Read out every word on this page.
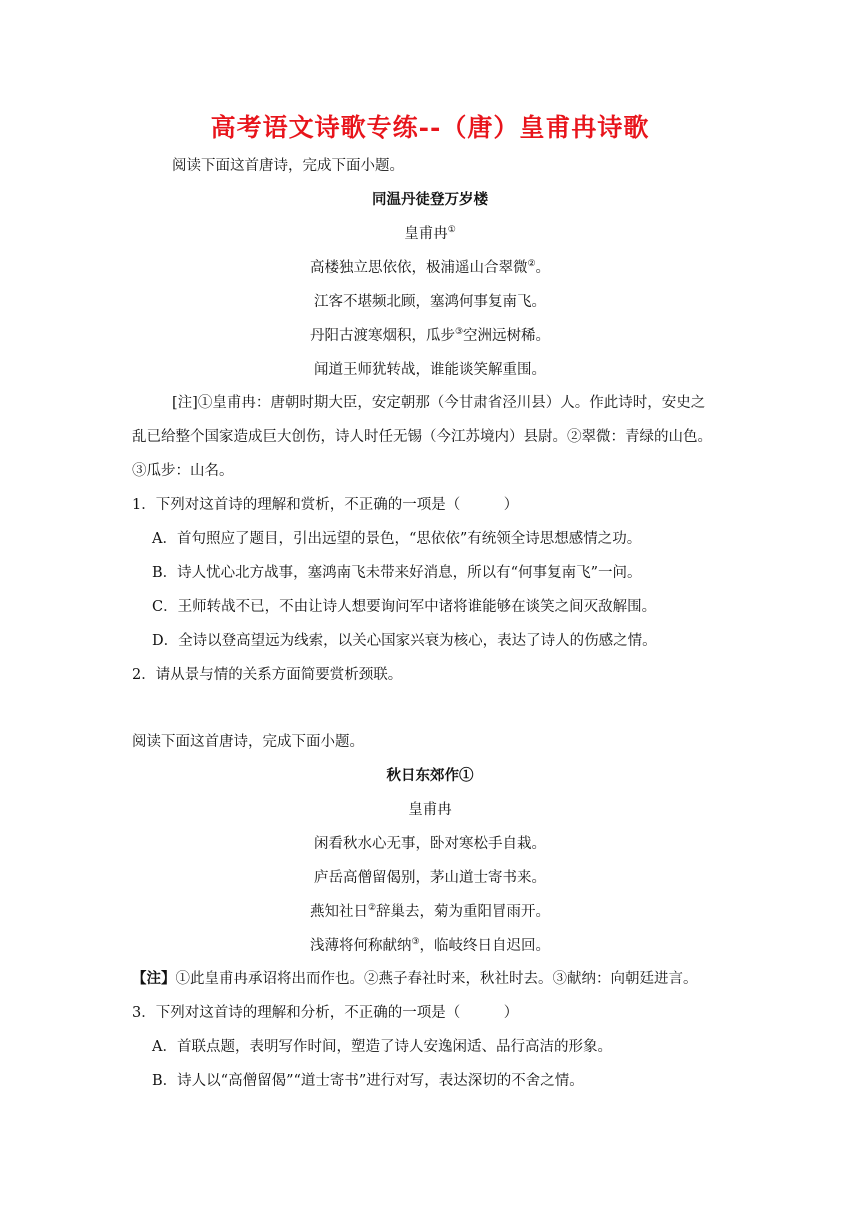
高考语文诗歌专练--（唐）皇甫冉诗歌
阅读下面这首唐诗，完成下面小题。
同温丹徒登万岁楼
皇甫冉①
高楼独立思依依，极浦遥山合翠微②。
江客不堪频北顾，塞鸿何事复南飞。
丹阳古渡寒烟积，瓜步③空洲远树稀。
闻道王师犹转战，谁能谈笑解重围。
[注]①皇甫冉：唐朝时期大臣，安定朝那（今甘肃省泾川县）人。作此诗时，安史之
乱已给整个国家造成巨大创伤，诗人时任无锡（今江苏境内）县尉。②翠微：青绿的山色。
③瓜步：山名。
1．下列对这首诗的理解和赏析，不正确的一项是（　　　）
A．首句照应了题目，引出远望的景色，“思依依”有统领全诗思想感情之功。
B．诗人忧心北方战事，塞鸿南飞未带来好消息，所以有“何事复南飞”一问。
C．王师转战不已，不由让诗人想要询问军中诸将谁能够在谈笑之间灭敌解围。
D．全诗以登高望远为线索，以关心国家兴衰为核心，表达了诗人的伤感之情。
2．请从景与情的关系方面简要赏析颈联。
阅读下面这首唐诗，完成下面小题。
秋日东郊作①
皇甫冉
闲看秋水心无事，卧对寒松手自栽。
庐岳高僧留偈别，茅山道士寄书来。
燕知社日②辞巢去，菊为重阳冒雨开。
浅薄将何称献纳③，临岐终日自迟回。
【注】①此皇甫冉承诏将出而作也。②燕子春社时来，秋社时去。③献纳：向朝廷进言。
3．下列对这首诗的理解和分析，不正确的一项是（　　　）
A．首联点题，表明写作时间，塑造了诗人安逸闲适、品行高洁的形象。
B．诗人以“高僧留偈”“道士寄书”进行对写，表达深切的不舍之情。
